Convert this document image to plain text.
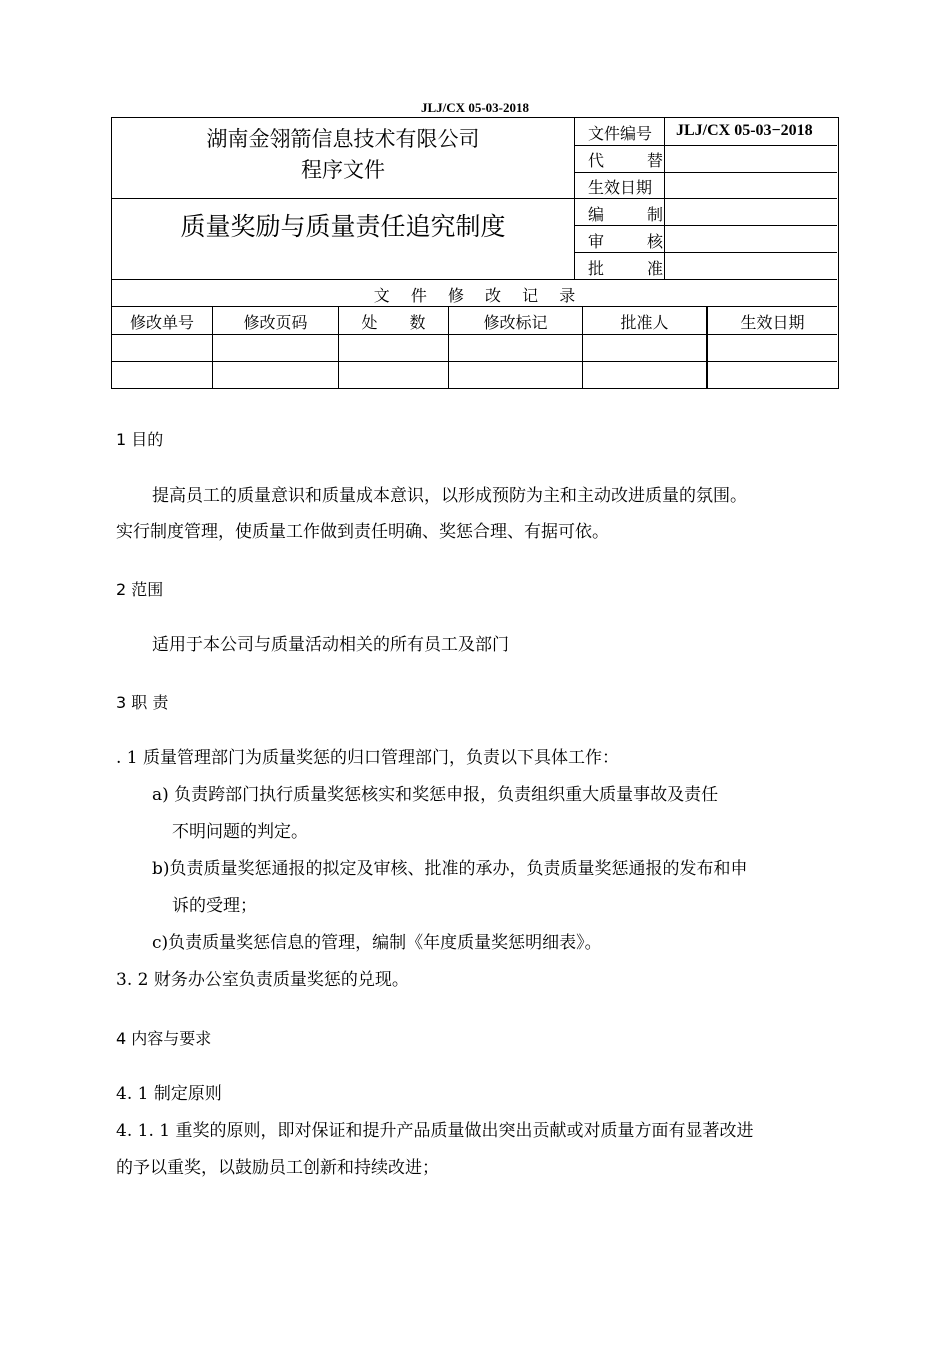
JLJ/CX 05-03-2018
湖南金翎箭信息技术有限公司
程序文件
质量奖励与质量责任追究制度
文件编号 JLJ/CX 05-03−2018
代	替
生效日期
编	制
审	核
批	准
文　 件　 修　 改　 记　 录
修改单号	修改页码	处　　数	修改标记	批准人	生效日期
1 目的
提高员工的质量意识和质量成本意识，以形成预防为主和主动改进质量的氛围。
实行制度管理，使质量工作做到责任明确、奖惩合理、有据可依。
2 范围
适用于本公司与质量活动相关的所有员工及部门
3 职 责
. 1 质量管理部门为质量奖惩的归口管理部门，负责以下具体工作：
a) 负责跨部门执行质量奖惩核实和奖惩申报，负责组织重大质量事故及责任
不明问题的判定。
b)负责质量奖惩通报的拟定及审核、批准的承办，负责质量奖惩通报的发布和申
诉的受理；
c)负责质量奖惩信息的管理，编制《年度质量奖惩明细表》。
3. 2 财务办公室负责质量奖惩的兑现。
4 内容与要求
4. 1 制定原则
4. 1. 1 重奖的原则，即对保证和提升产品质量做出突出贡献或对质量方面有显著改进
的予以重奖，以鼓励员工创新和持续改进；
